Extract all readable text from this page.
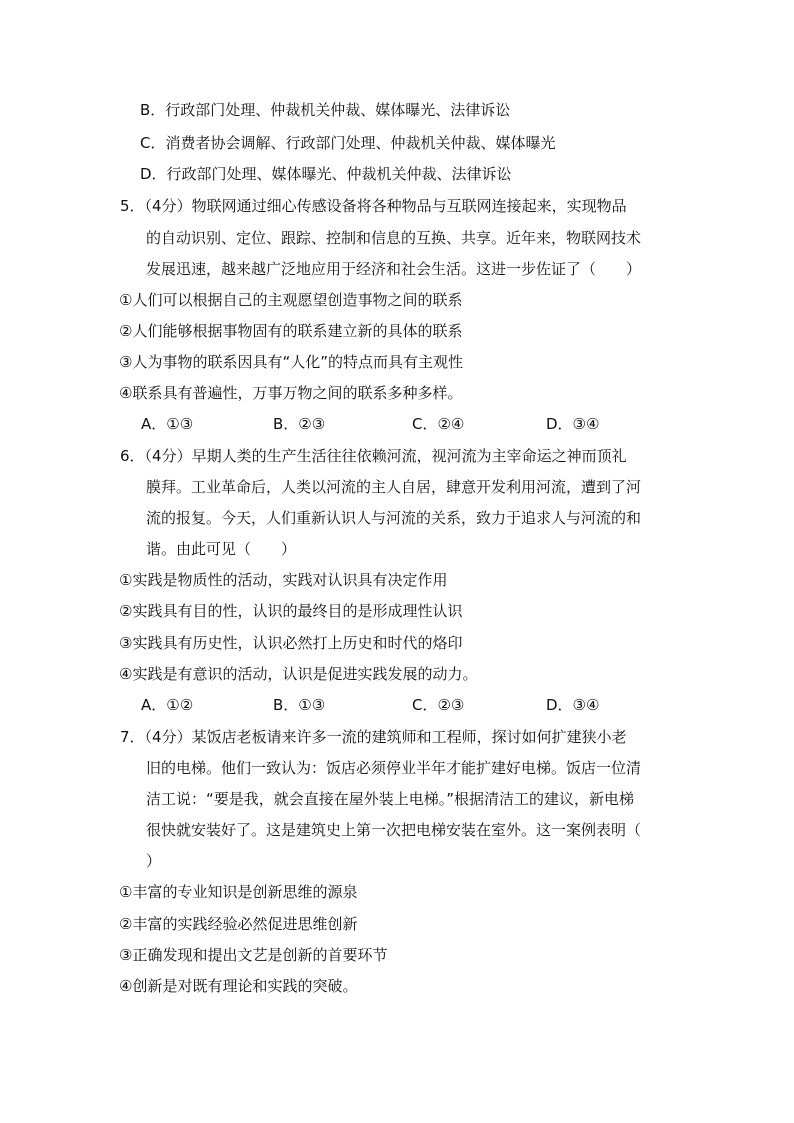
B．行政部门处理、仲裁机关仲裁、媒体曝光、法律诉讼
C．消费者协会调解、行政部门处理、仲裁机关仲裁、媒体曝光
D．行政部门处理、媒体曝光、仲裁机关仲裁、法律诉讼
5．（4分）物联网通过细心传感设备将各种物品与互联网连接起来，实现物品
的自动识别、定位、跟踪、控制和信息的互换、共享。近年来，物联网技术
发展迅速，越来越广泛地应用于经济和社会生活。这进一步佐证了（　　）
①人们可以根据自己的主观愿望创造事物之间的联系
②人们能够根据事物固有的联系建立新的具体的联系
③人为事物的联系因具有“人化”的特点而具有主观性
④联系具有普遍性，万事万物之间的联系多种多样。
A．①③	B．②③	C．②④	D．③④
6．（4分）早期人类的生产生活往往依赖河流，视河流为主宰命运之神而顶礼
膜拜。工业革命后，人类以河流的主人自居，肆意开发利用河流，遭到了河
流的报复。今天，人们重新认识人与河流的关系，致力于追求人与河流的和
谐。由此可见（　　）
①实践是物质性的活动，实践对认识具有决定作用
②实践具有目的性，认识的最终目的是形成理性认识
③实践具有历史性，认识必然打上历史和时代的烙印
④实践是有意识的活动，认识是促进实践发展的动力。
A．①②	B．①③	C．②③	D．③④
7．（4分）某饭店老板请来许多一流的建筑师和工程师，探讨如何扩建狭小老
旧的电梯。他们一致认为：饭店必须停业半年才能扩建好电梯。饭店一位清
洁工说：“要是我，就会直接在屋外装上电梯。”根据清洁工的建议，新电梯
很快就安装好了。这是建筑史上第一次把电梯安装在室外。这一案例表明（
）
①丰富的专业知识是创新思维的源泉
②丰富的实践经验必然促进思维创新
③正确发现和提出文艺是创新的首要环节
④创新是对既有理论和实践的突破。
